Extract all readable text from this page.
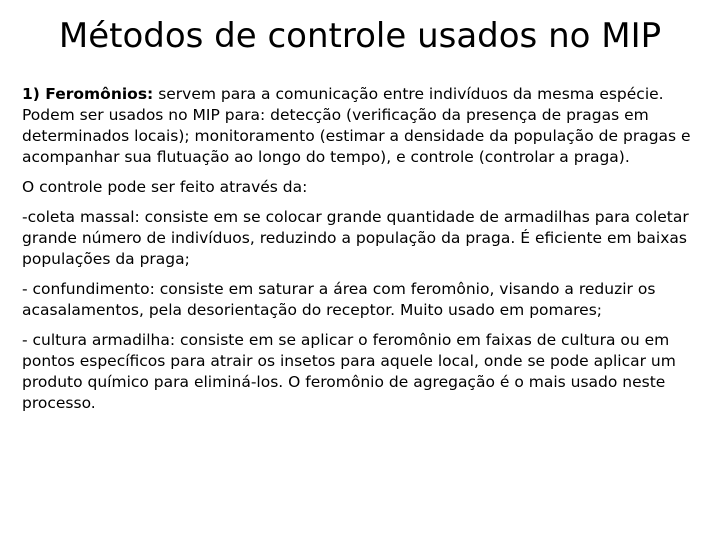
Métodos de controle usados no MIP

1) Feromônios: servem para a comunicação entre indivíduos da mesma espécie. Podem ser usados no MIP para: detecção (verificação da presença de pragas em determinados locais); monitoramento (estimar a densidade da população de pragas e acompanhar sua flutuação ao longo do tempo), e controle (controlar a praga).

O controle pode ser feito através da:

-coleta massal: consiste em se colocar grande quantidade de armadilhas para coletar grande número de indivíduos, reduzindo a população da praga. É eficiente em baixas populações da praga;

- confundimento: consiste em saturar a área com feromônio, visando a reduzir os acasalamentos, pela desorientação do receptor. Muito usado em pomares;

- cultura armadilha: consiste em se aplicar o feromônio em faixas de cultura ou em pontos específicos para atrair os insetos para aquele local, onde se pode aplicar um produto químico para eliminá-los. O feromônio de agregação é o mais usado neste processo.
